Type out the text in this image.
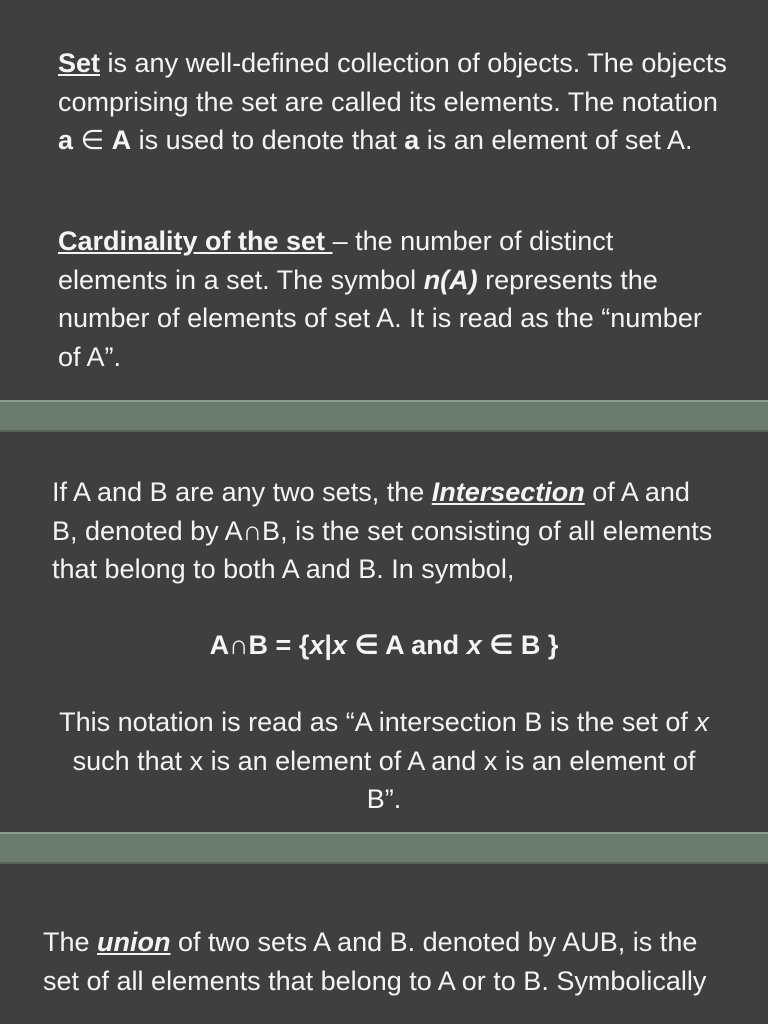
Set is any well-defined collection of objects. The objects comprising the set are called its elements. The notation a ∈ A is used to denote that a is an element of set A.

Cardinality of the set – the number of distinct elements in a set. The symbol n(A) represents the number of elements of set A. It is read as the “number of A”.

If A and B are any two sets, the Intersection of A and B, denoted by A∩B, is the set consisting of all elements that belong to both A and B. In symbol,

A∩B = {x|x ∈ A and x ∈ B }

This notation is read as “A intersection B is the set of x such that x is an element of A and x is an element of B”.

The union of two sets A and B. denoted by AUB, is the set of all elements that belong to A or to B. Symbolically
